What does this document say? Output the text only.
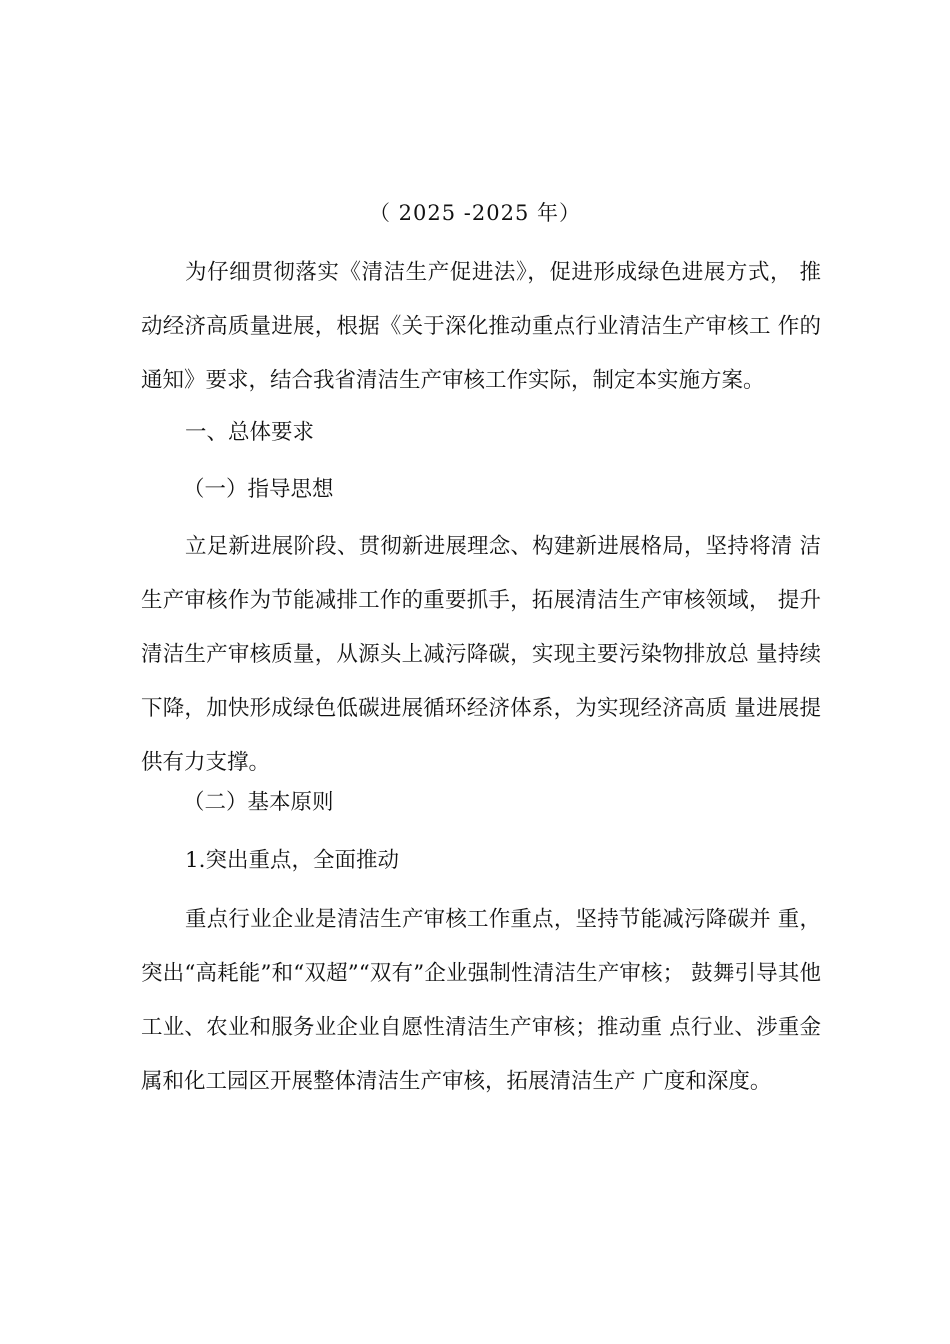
（ 2025 -2025 年）

为仔细贯彻落实《清洁生产促进法》，促进形成绿色进展方式， 推动经济高质量进展，根据《关于深化推动重点行业清洁生产审核工 作的通知》要求，结合我省清洁生产审核工作实际，制定本实施方案。

一、总体要求
（一）指导思想

立足新进展阶段、贯彻新进展理念、构建新进展格局，坚持将清 洁生产审核作为节能减排工作的重要抓手，拓展清洁生产审核领域， 提升清洁生产审核质量，从源头上减污降碳，实现主要污染物排放总 量持续下降，加快形成绿色低碳进展循环经济体系，为实现经济高质 量进展提供有力支撑。

（二）基本原则
1.突出重点，全面推动

重点行业企业是清洁生产审核工作重点，坚持节能减污降碳并 重，突出“高耗能”和“双超”“双有”企业强制性清洁生产审核； 鼓舞引导其他工业、农业和服务业企业自愿性清洁生产审核；推动重 点行业、涉重金属和化工园区开展整体清洁生产审核，拓展清洁生产 广度和深度。
